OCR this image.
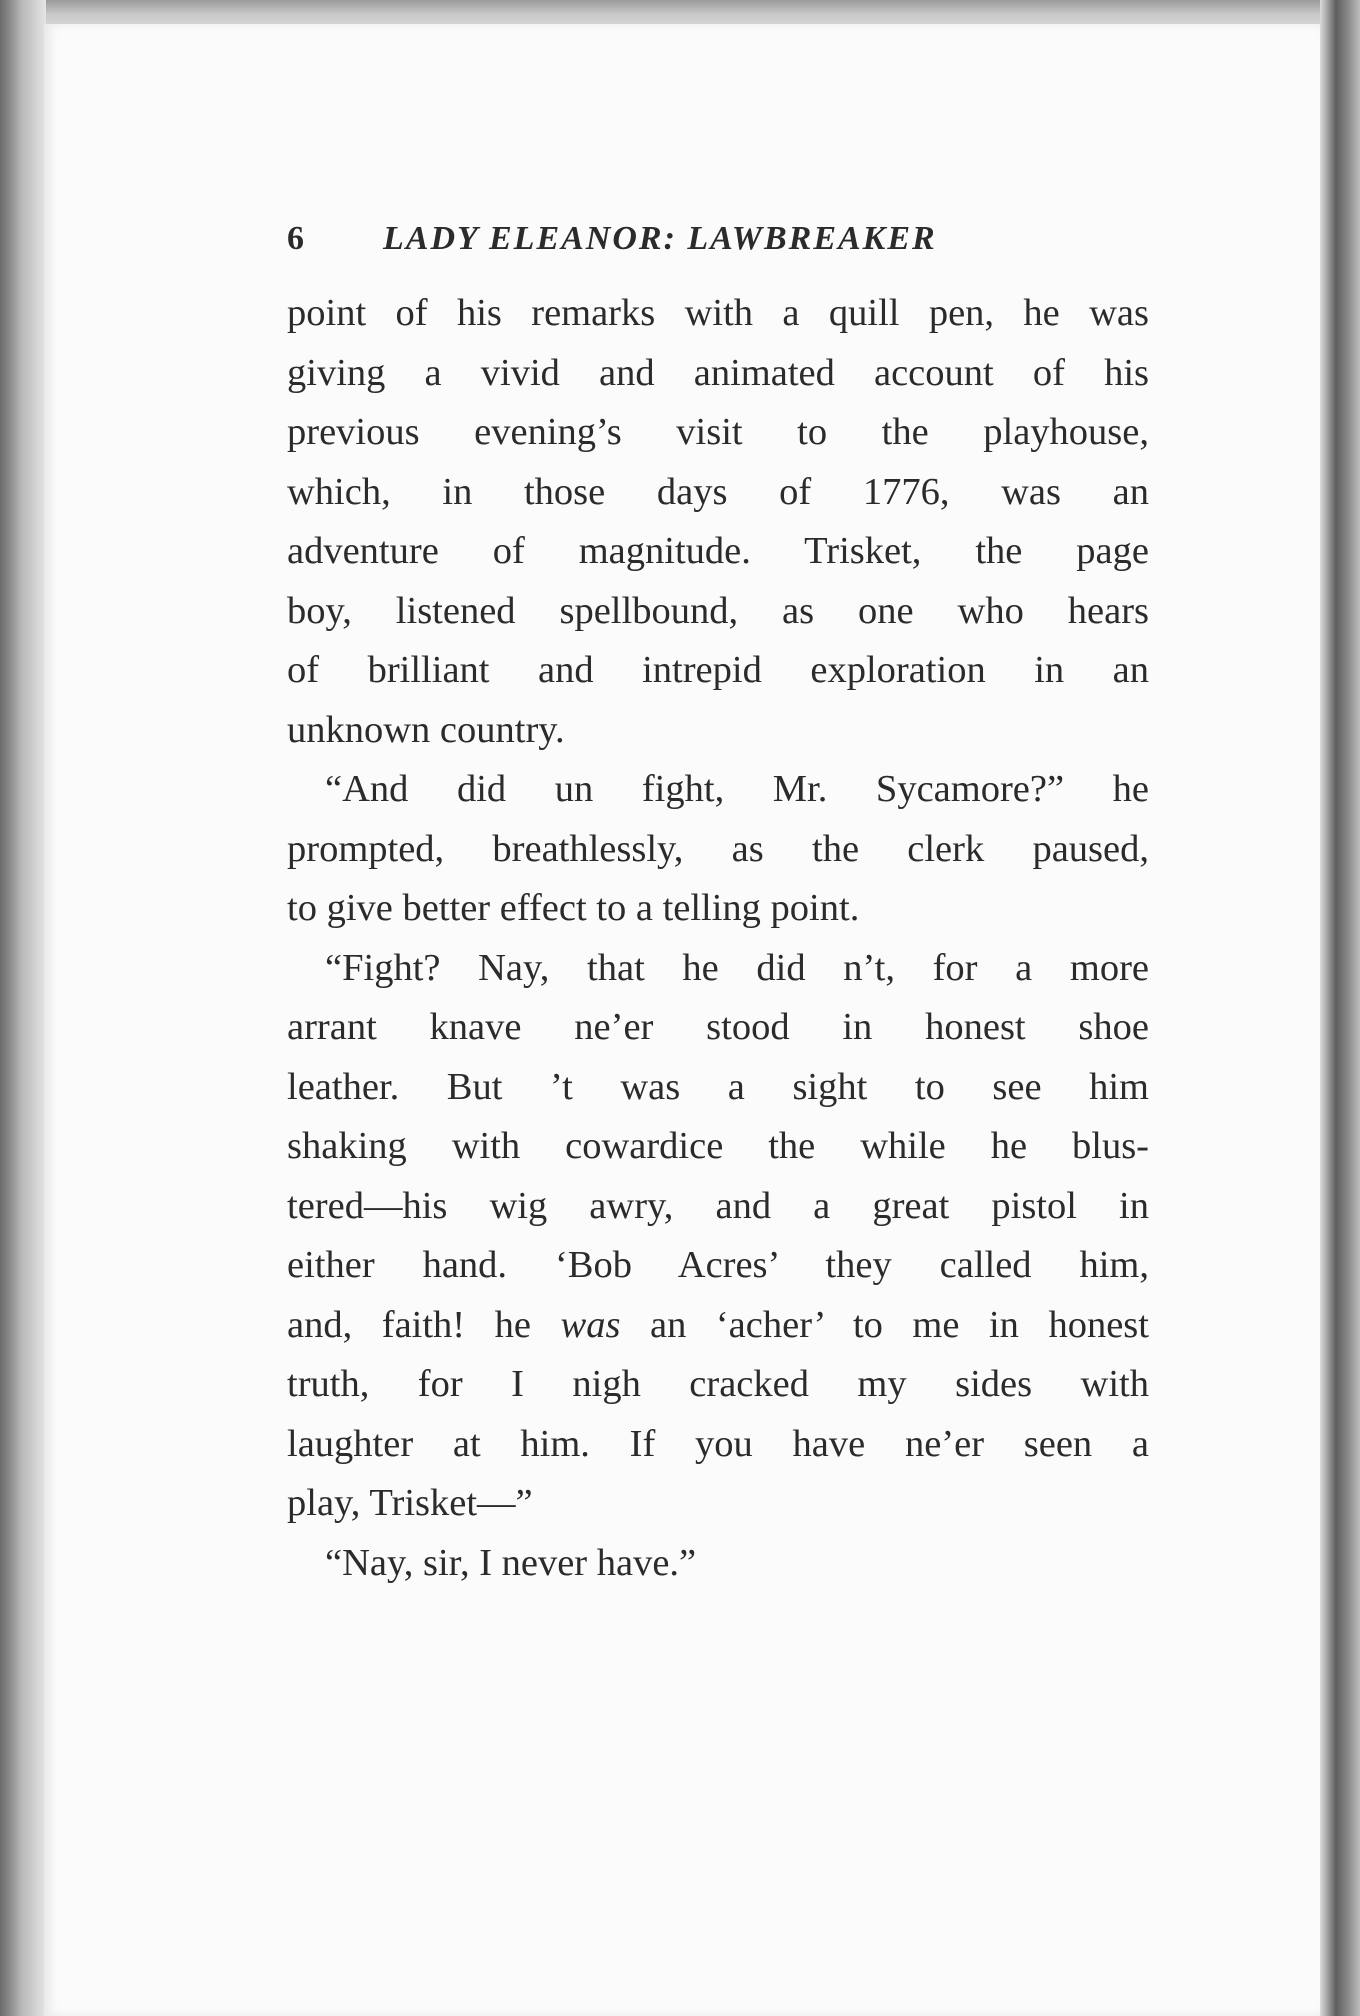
6	LADY ELEANOR: LAWBREAKER

point of his remarks with a quill pen, he was
giving a vivid and animated account of his
previous evening’s visit to the playhouse,
which, in those days of 1776, was an
adventure of magnitude. Trisket, the page
boy, listened spellbound, as one who hears
of brilliant and intrepid exploration in an
unknown country.

“And did un fight, Mr. Sycamore?” he
prompted, breathlessly, as the clerk paused,
to give better effect to a telling point.

“Fight? Nay, that he did n’t, for a more
arrant knave ne’er stood in honest shoe
leather. But ’t was a sight to see him
shaking with cowardice the while he blus-
tered—his wig awry, and a great pistol in
either hand. ‘Bob Acres’ they called him,
and, faith! he was an ‘acher’ to me in honest
truth, for I nigh cracked my sides with
laughter at him. If you have ne’er seen a
play, Trisket—”

“Nay, sir, I never have.”
